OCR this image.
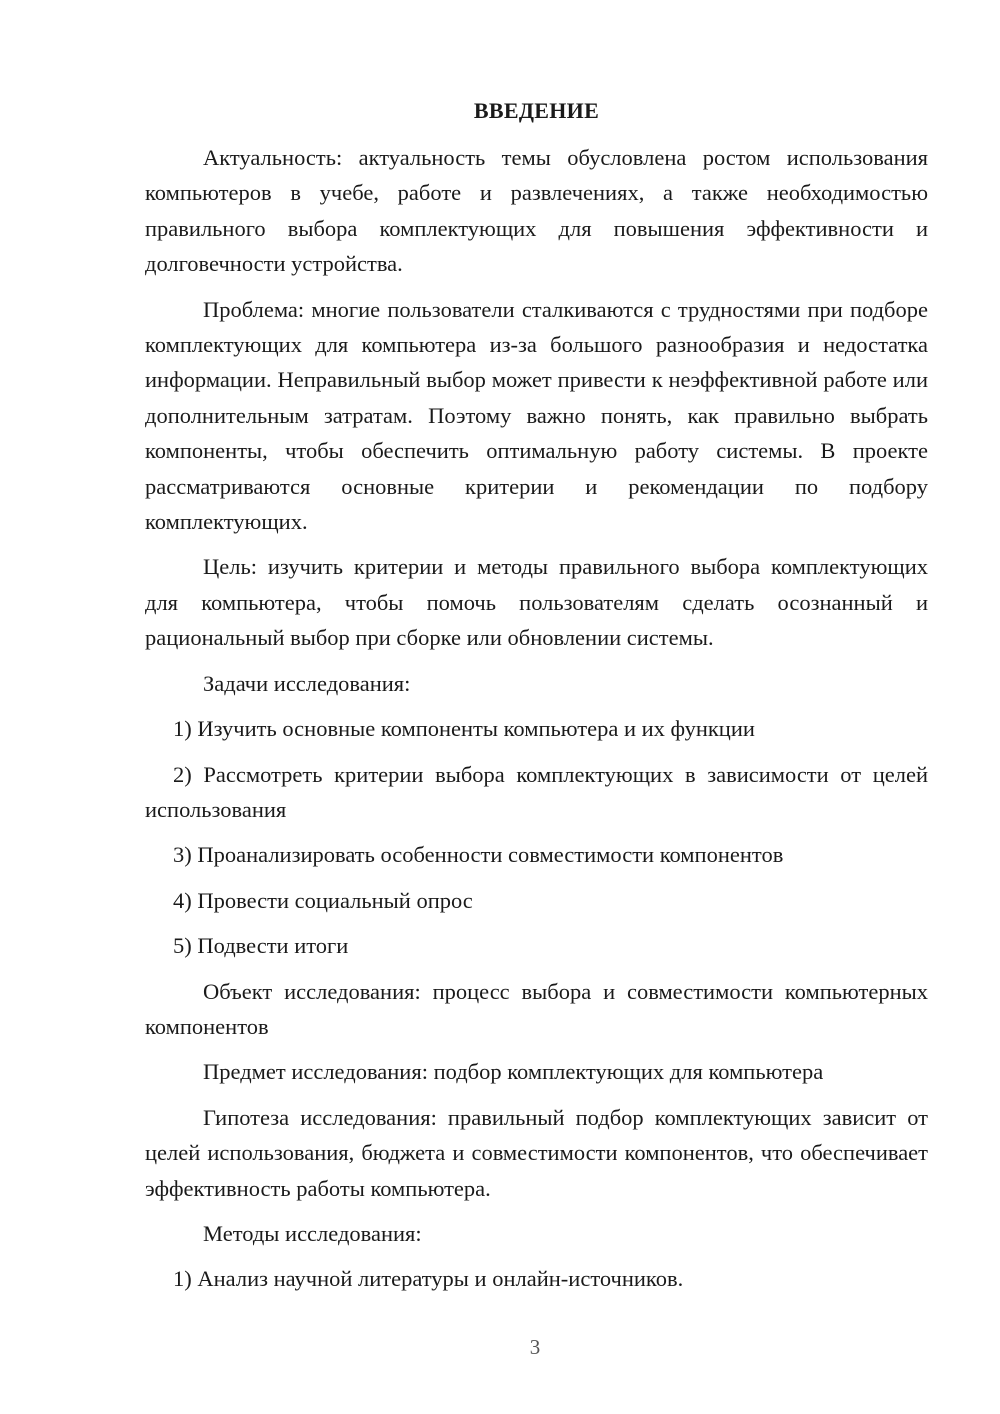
ВВЕДЕНИЕ

Актуальность: актуальность темы обусловлена ростом использования компьютеров в учебе, работе и развлечениях, а также необходимостью правильного выбора комплектующих для повышения эффективности и долговечности устройства.

Проблема: многие пользователи сталкиваются с трудностями при подборе комплектующих для компьютера из-за большого разнообразия и недостатка информации. Неправильный выбор может привести к неэффективной работе или дополнительным затратам. Поэтому важно понять, как правильно выбрать компоненты, чтобы обеспечить оптимальную работу системы. В проекте рассматриваются основные критерии и рекомендации по подбору комплектующих.

Цель: изучить критерии и методы правильного выбора комплектующих для компьютера, чтобы помочь пользователям сделать осознанный и рациональный выбор при сборке или обновлении системы.

Задачи исследования:

1) Изучить основные компоненты компьютера и их функции

2) Рассмотреть критерии выбора комплектующих в зависимости от целей использования

3) Проанализировать особенности совместимости компонентов

4) Провести социальный опрос

5) Подвести итоги

Объект исследования: процесс выбора и совместимости компьютерных компонентов

Предмет исследования: подбор комплектующих для компьютера

Гипотеза исследования: правильный подбор комплектующих зависит от целей использования, бюджета и совместимости компонентов, что обеспечивает эффективность работы компьютера.

Методы исследования:

1) Анализ научной литературы и онлайн-источников.

3
